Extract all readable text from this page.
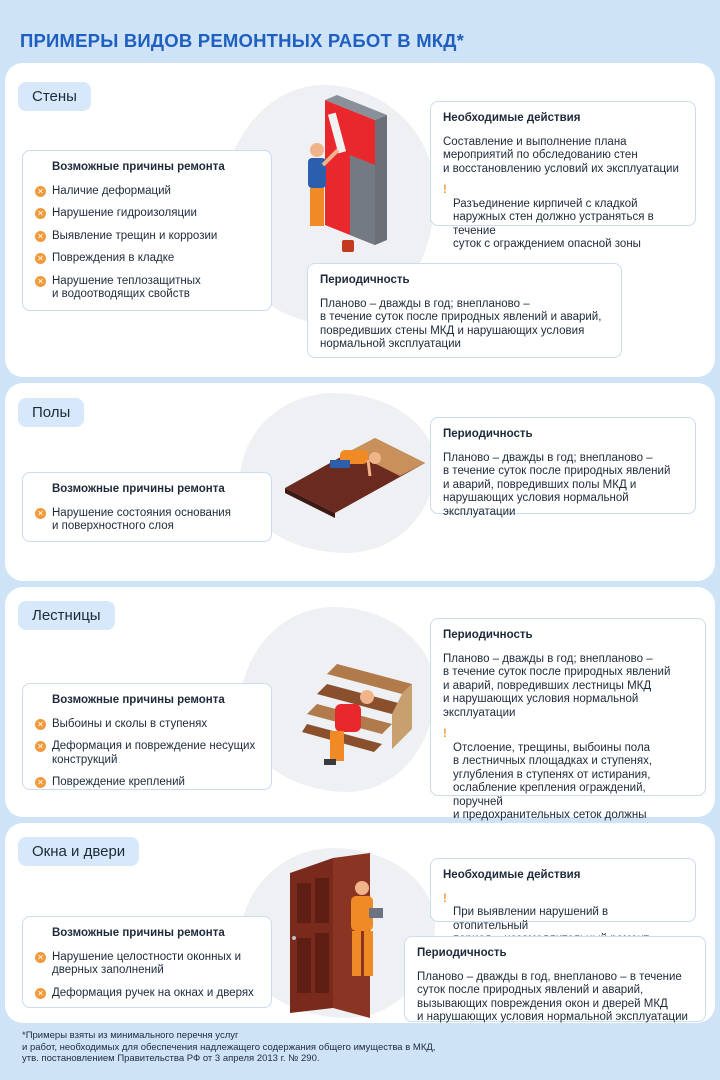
ПРИМЕРЫ ВИДОВ РЕМОНТНЫХ РАБОТ В МКД*
Стены
Возможные причины ремонта
✕ Наличие деформаций
✕ Нарушение гидроизоляции
✕ Выявление трещин и коррозии
✕ Повреждения в кладке
✕ Нарушение теплозащитных
и водоотводящих свойств
Необходимые действия

Составление и выполнение плана
мероприятий по обследованию стен
и восстановлению условий их эксплуатации

!
Разъединение кирпичей с кладкой
наружных стен должно устраняться в течение
суток с ограждением опасной зоны

Периодичность

Планово – дважды в год; внепланово –
в течение суток после природных явлений и аварий,
повредивших стены МКД и нарушающих условия
нормальной эксплуатации

Полы
Возможные причины ремонта
✕ Нарушение состояния основания
и поверхностного слоя
Периодичность

Планово – дважды в год; внепланово –
в течение суток после природных явлений
и аварий, повредивших полы МКД и
нарушающих условия нормальной
эксплуатации

Лестницы
Возможные причины ремонта
✕ Выбоины и сколы в ступенях
✕ Деформация и повреждение несущих
конструкций
✕ Повреждение креплений
Периодичность

Планово – дважды в год; внепланово –
в течение суток после природных явлений
и аварий, повредивших лестницы МКД
и нарушающих условия нормальной
эксплуатации

!
Отслоение, трещины, выбоины пола
в лестничных площадках и ступенях,
углубления в ступенях от истирания,
ослабление крепления ограждений, поручней
и предохранительных сеток должны

Окна и двери
Возможные причины ремонта
✕ Нарушение целостности оконных и
дверных заполнений
✕ Деформация ручек на окнах и дверях
Необходимые действия

!
При выявлении нарушений в отопительный

Периодичность

Планово – дважды в год, внепланово – в течение
суток после природных явлений и аварий,
вызывающих повреждения окон и дверей МКД
и нарушающих условия нормальной эксплуатации

*Примеры взяты из минимального перечня услуг
и работ, необходимых для обеспечения надлежащего содержания общего имущества в МКД,
утв. постановлением Правительства РФ от 3 апреля 2013 г. № 290.
